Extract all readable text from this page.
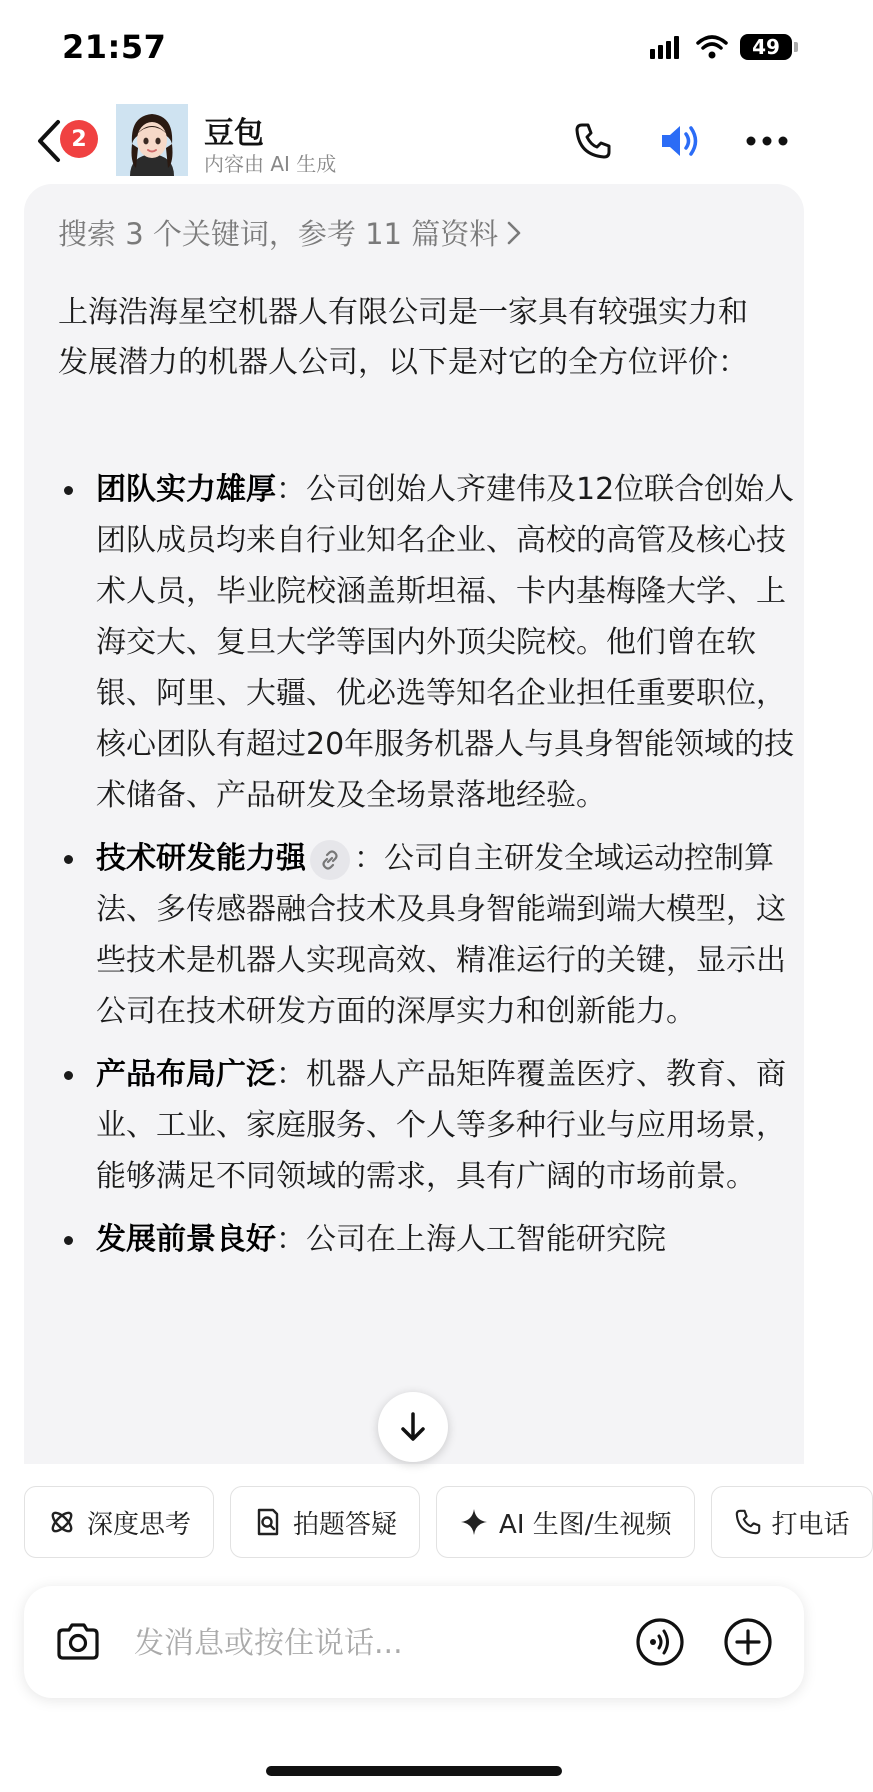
21:57	49
2	豆包
内容由 AI 生成
搜索 3 个关键词，参考 11 篇资料
上海浩海星空机器人有限公司是一家具有较强实力和发展潜力的机器人公司，以下是对它的全方位评价：
团队实力雄厚：公司创始人齐建伟及12位联合创始人团队成员均来自行业知名企业、高校的高管及核心技术人员，毕业院校涵盖斯坦福、卡内基梅隆大学、上海交大、复旦大学等国内外顶尖院校。他们曾在软银、阿里、大疆、优必选等知名企业担任重要职位，核心团队有超过20年服务机器人与具身智能领域的技术储备、产品研发及全场景落地经验。
技术研发能力强 ：公司自主研发全域运动控制算法、多传感器融合技术及具身智能端到端大模型，这些技术是机器人实现高效、精准运行的关键，显示出公司在技术研发方面的深厚实力和创新能力。
产品布局广泛：机器人产品矩阵覆盖医疗、教育、商业、工业、家庭服务、个人等多种行业与应用场景，能够满足不同领域的需求，具有广阔的市场前景。
发展前景良好：公司在上海人工智能研究院
深度思考	拍题答疑	AI 生图/生视频	打电话
发消息或按住说话...
